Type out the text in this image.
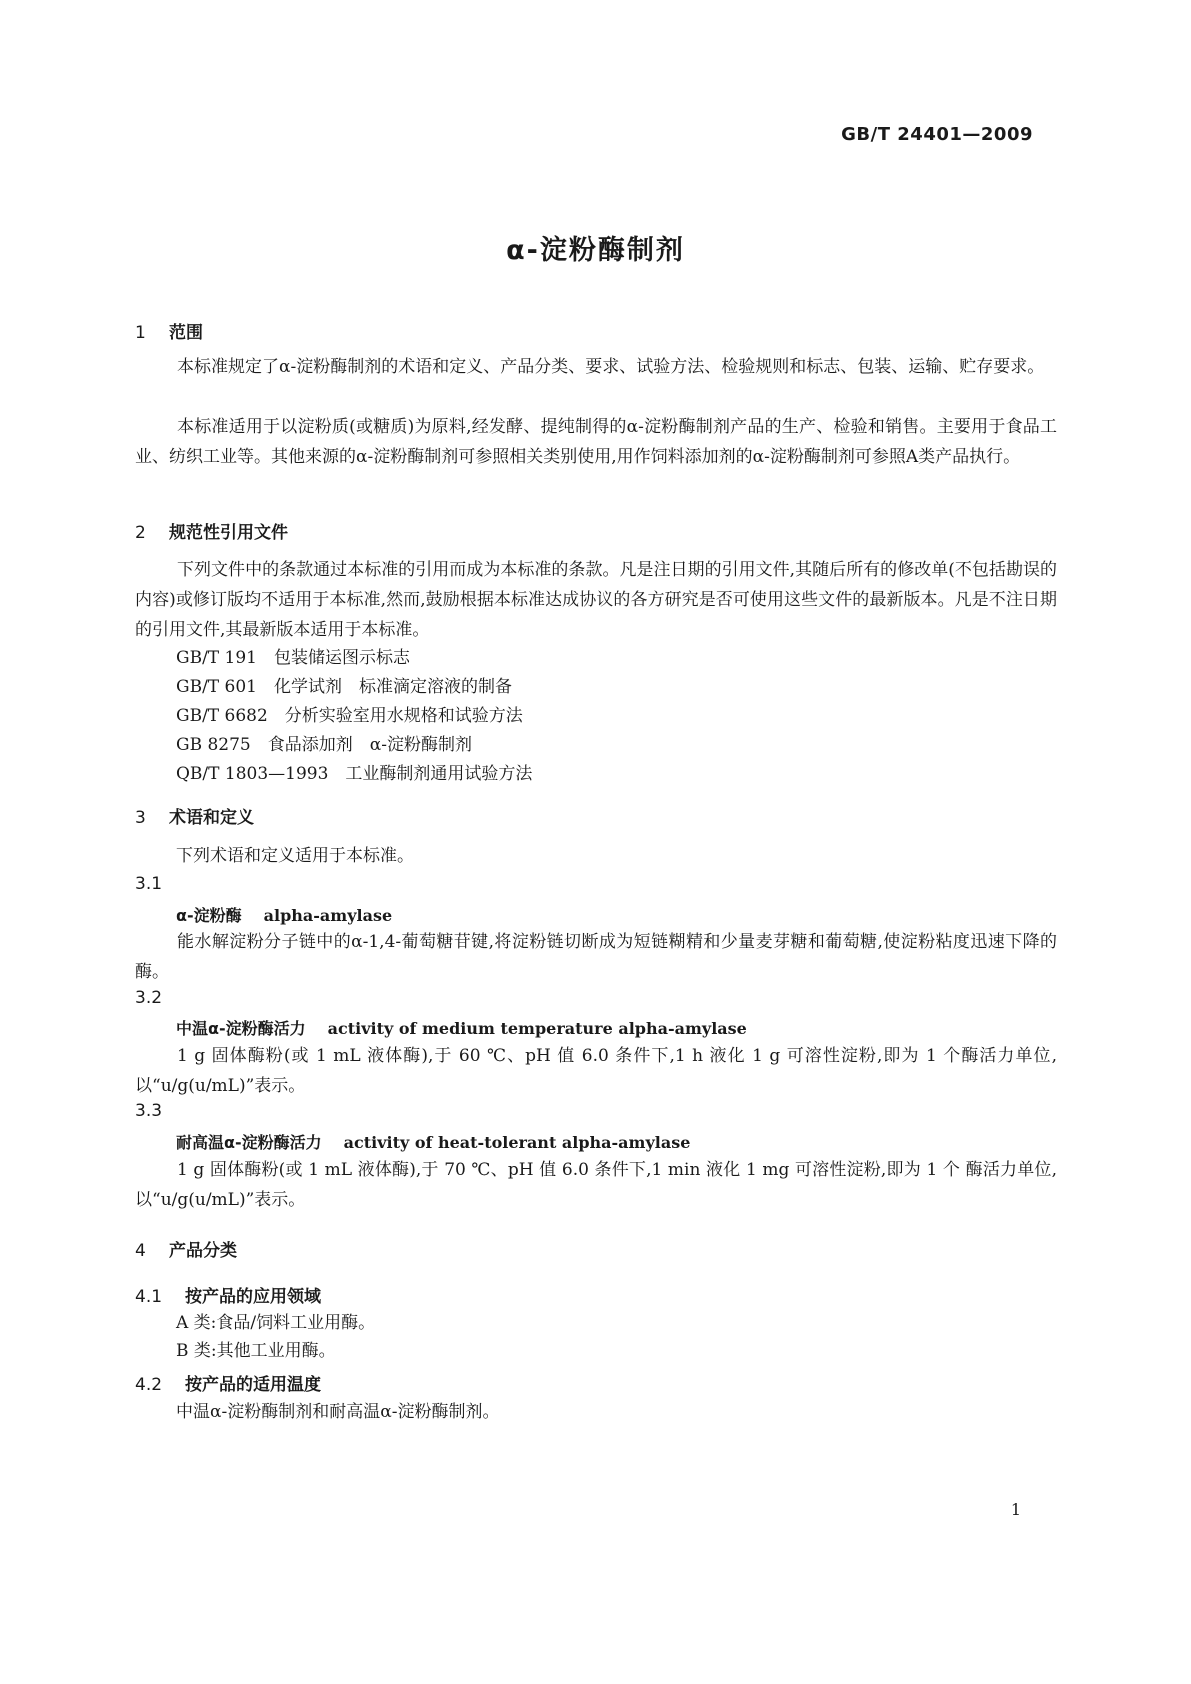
GB/T 24401—2009
α-淀粉酶制剂
1 范围

本标准规定了α-淀粉酶制剂的术语和定义、产品分类、要求、试验方法、检验规则和标志、包装、运输、贮存要求。

本标准适用于以淀粉质(或糖质)为原料,经发酵、提纯制得的α-淀粉酶制剂产品的生产、检验和销售。主要用于食品工业、纺织工业等。其他来源的α-淀粉酶制剂可参照相关类别使用,用作饲料添加剂的α-淀粉酶制剂可参照A类产品执行。

2 规范性引用文件

下列文件中的条款通过本标准的引用而成为本标准的条款。凡是注日期的引用文件,其随后所有的修改单(不包括勘误的内容)或修订版均不适用于本标准,然而,鼓励根据本标准达成协议的各方研究是否可使用这些文件的最新版本。凡是不注日期的引用文件,其最新版本适用于本标准。

GB/T 191　包装储运图示标志
GB/T 601　化学试剂　标准滴定溶液的制备
GB/T 6682　分析实验室用水规格和试验方法
GB 8275　食品添加剂　α-淀粉酶制剂
QB/T 1803—1993　工业酶制剂通用试验方法
3 术语和定义
下列术语和定义适用于本标准。
3.1
α-淀粉酶 alpha-amylase

能水解淀粉分子链中的α-1,4-葡萄糖苷键,将淀粉链切断成为短链糊精和少量麦芽糖和葡萄糖,使淀粉粘度迅速下降的酶。

3.2
中温α-淀粉酶活力 activity of medium temperature alpha-amylase

1 g 固体酶粉(或 1 mL 液体酶),于 60 ℃、pH 值 6.0 条件下,1 h 液化 1 g 可溶性淀粉,即为 1 个酶活力单位,以“u/g(u/mL)”表示。

3.3
耐高温α-淀粉酶活力 activity of heat-tolerant alpha-amylase

1 g 固体酶粉(或 1 mL 液体酶),于 70 ℃、pH 值 6.0 条件下,1 min 液化 1 mg 可溶性淀粉,即为 1 个 酶活力单位,以“u/g(u/mL)”表示。

4 产品分类
4.1 按产品的应用领域
A 类:食品/饲料工业用酶。
B 类:其他工业用酶。
4.2 按产品的适用温度
中温α-淀粉酶制剂和耐高温α-淀粉酶制剂。
1
